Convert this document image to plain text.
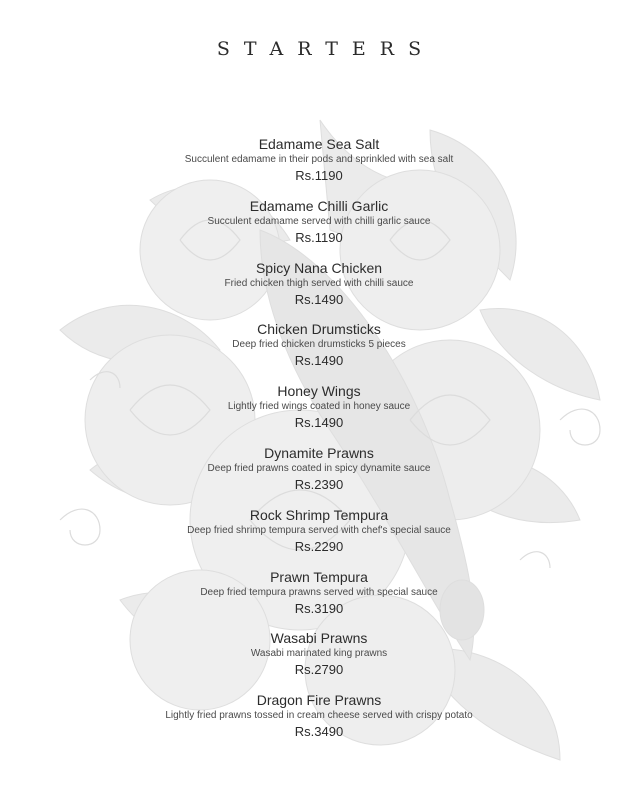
STARTERS
Edamame Sea Salt
Succulent edamame in their pods and sprinkled with sea salt
Rs.1190
Edamame Chilli Garlic
Succulent edamame served with chilli garlic sauce
Rs.1190
Spicy Nana Chicken
Fried chicken thigh served with chilli sauce
Rs.1490
Chicken Drumsticks
Deep fried chicken drumsticks 5 pieces
Rs.1490
Honey Wings
Lightly fried wings coated in honey sauce
Rs.1490
Dynamite Prawns
Deep fried prawns coated in spicy dynamite sauce
Rs.2390
Rock Shrimp Tempura
Deep fried shrimp tempura served with chef's special sauce
Rs.2290
Prawn Tempura
Deep fried tempura prawns served with special sauce
Rs.3190
Wasabi Prawns
Wasabi marinated king prawns
Rs.2790
Dragon Fire Prawns
Lightly fried prawns tossed in cream cheese served with crispy potato
Rs.3490
